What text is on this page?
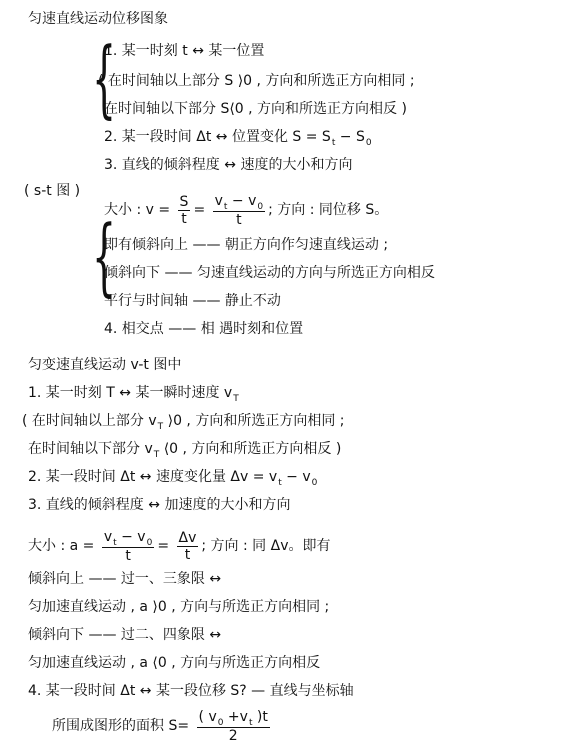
匀速直线运动位移图象
{
{
( s-t 图 )
1. 某一时刻 t ↔ 某一位置
( 在时间轴以上部分 S ⟩0 , 方向和所选正方向相同 ;
在时间轴以下部分 S⟨0 , 方向和所选正方向相反 )
2. 某一段时间 Δt ↔ 位置变化 $S = S_t - S_0$
3. 直线的倾斜程度 ↔ 速度的大小和方向
大小 : $v = \frac{S}{t} = \frac{v_t - v_0}{t}$ ; 方向 : 同位移 S。
即有倾斜向上 —— 朝正方向作匀速直线运动 ;
倾斜向下 —— 匀速直线运动的方向与所选正方向相反
平行与时间轴 —— 静止不动
4. 相交点 —— 相 遇时刻和位置
匀变速直线运动 v-t 图中
1. 某一时刻 T ↔ 某一瞬时速度 $v_T$
( 在时间轴以上部分 $v_T$ ⟩0 , 方向和所选正方向相同 ;
在时间轴以下部分 $v_T$ ⟨0 , 方向和所选正方向相反 )
2. 某一段时间 Δt ↔ 速度变化量 $\Delta v = v_t - v_0$
3. 直线的倾斜程度 ↔ 加速度的大小和方向
大小 : $a = \frac{v_t - v_0}{t} = \frac{\Delta v}{t}$ ; 方向 : 同 Δv。即有
倾斜向上 —— 过一、三象限 ↔
匀加速直线运动 , a ⟩0 , 方向与所选正方向相同 ;
倾斜向下 —— 过二、四象限 ↔
匀加速直线运动 , a ⟨0 , 方向与所选正方向相反
4. 某一段时间 Δt ↔ 某一段位移 S? — 直线与坐标轴
所围成图形的面积 $S= \frac{( v_0 +v_t )t}{2}$
